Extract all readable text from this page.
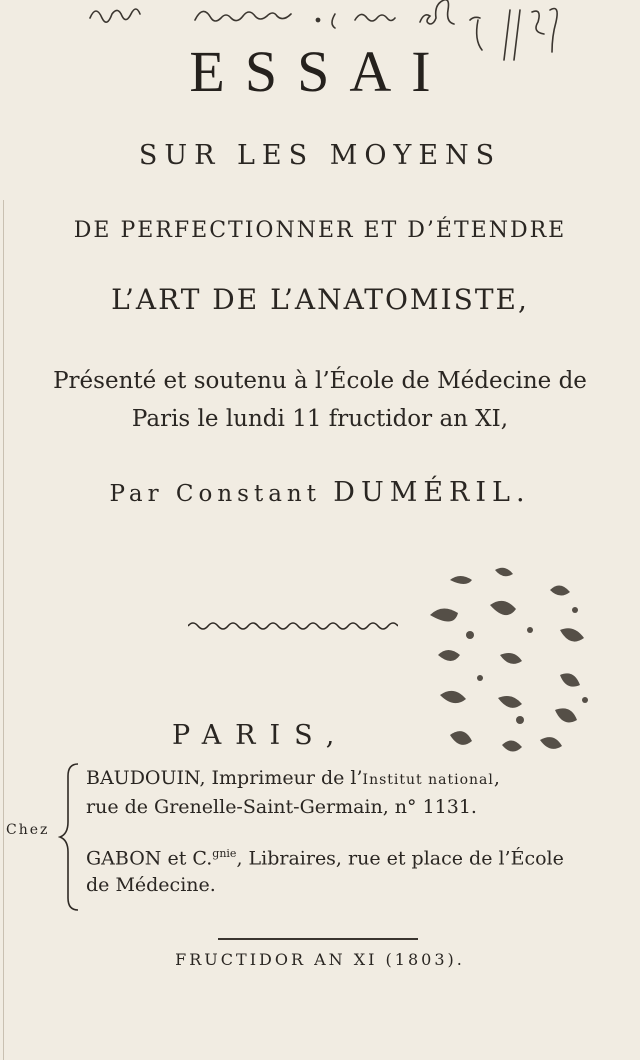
Albert Cammallius . Cannes . ·Collège 1818	ESSAI
SUR LES MOYENS
DE PERFECTIONNER ET D’ÉTENDRE
L’ART DE L’ANATOMISTE,
Présenté et soutenu à l’École de Médecine de
Paris le lundi 11 fructidor an XI,
Par Constant DUMÉRIL.
PARIS,
Chez
BAUDOUIN, Imprimeur de l’Institut national,
rue de Grenelle-Saint-Germain, n° 1131.
GABON et C.$^{gnie}$, Libraires, rue et place de l’École
de Médecine.
FRUCTIDOR AN XI (1803).
